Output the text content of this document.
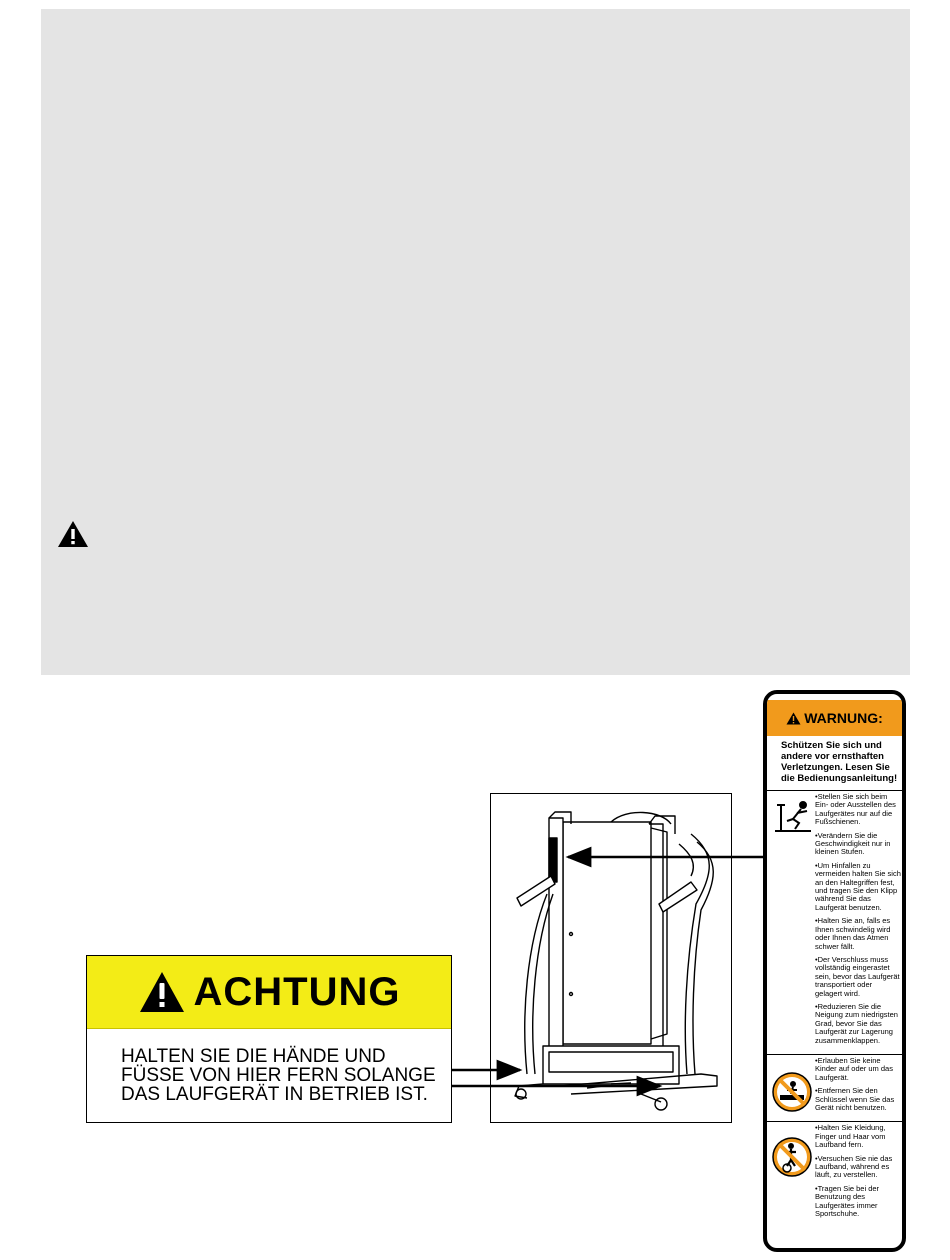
ACHTUNG
HALTEN SIE DIE HÄNDE UND
FÜSSE VON HIER FERN SOLANGE
DAS LAUFGERÄT IN BETRIEB IST.
WARNUNG:
Schützen Sie sich und
andere vor ernsthaften
Verletzungen. Lesen Sie
die Bedienungsanleitung!

•Stellen Sie sich beim Ein- oder Ausstellen des Laufgerätes nur auf die Fußschienen.

•Verändern Sie die Geschwindigkeit nur in kleinen Stufen.

•Um Hinfallen zu vermeiden halten Sie sich an den Haltegriffen fest, und tragen Sie den Klipp während Sie das Laufgerät benutzen.

•Halten Sie an, falls es Ihnen schwindelig wird oder Ihnen das Atmen schwer fällt.

•Der Verschluss muss vollständig eingerastet sein, bevor das Laufgerät transportiert oder gelagert wird.

•Reduzieren Sie die Neigung zum niedrigsten Grad, bevor Sie das Laufgerät zur Lagerung zusammenklappen.

•Erlauben Sie keine Kinder auf oder um das Laufgerät.

•Entfernen Sie den Schlüssel wenn Sie das Gerät nicht benutzen.

•Halten Sie Kleidung, Finger und Haar vom Laufband fern.

•Versuchen Sie nie das Laufband, während es läuft, zu verstellen.

•Tragen Sie bei der Benutzung des Laufgerätes immer Sportschuhe.
